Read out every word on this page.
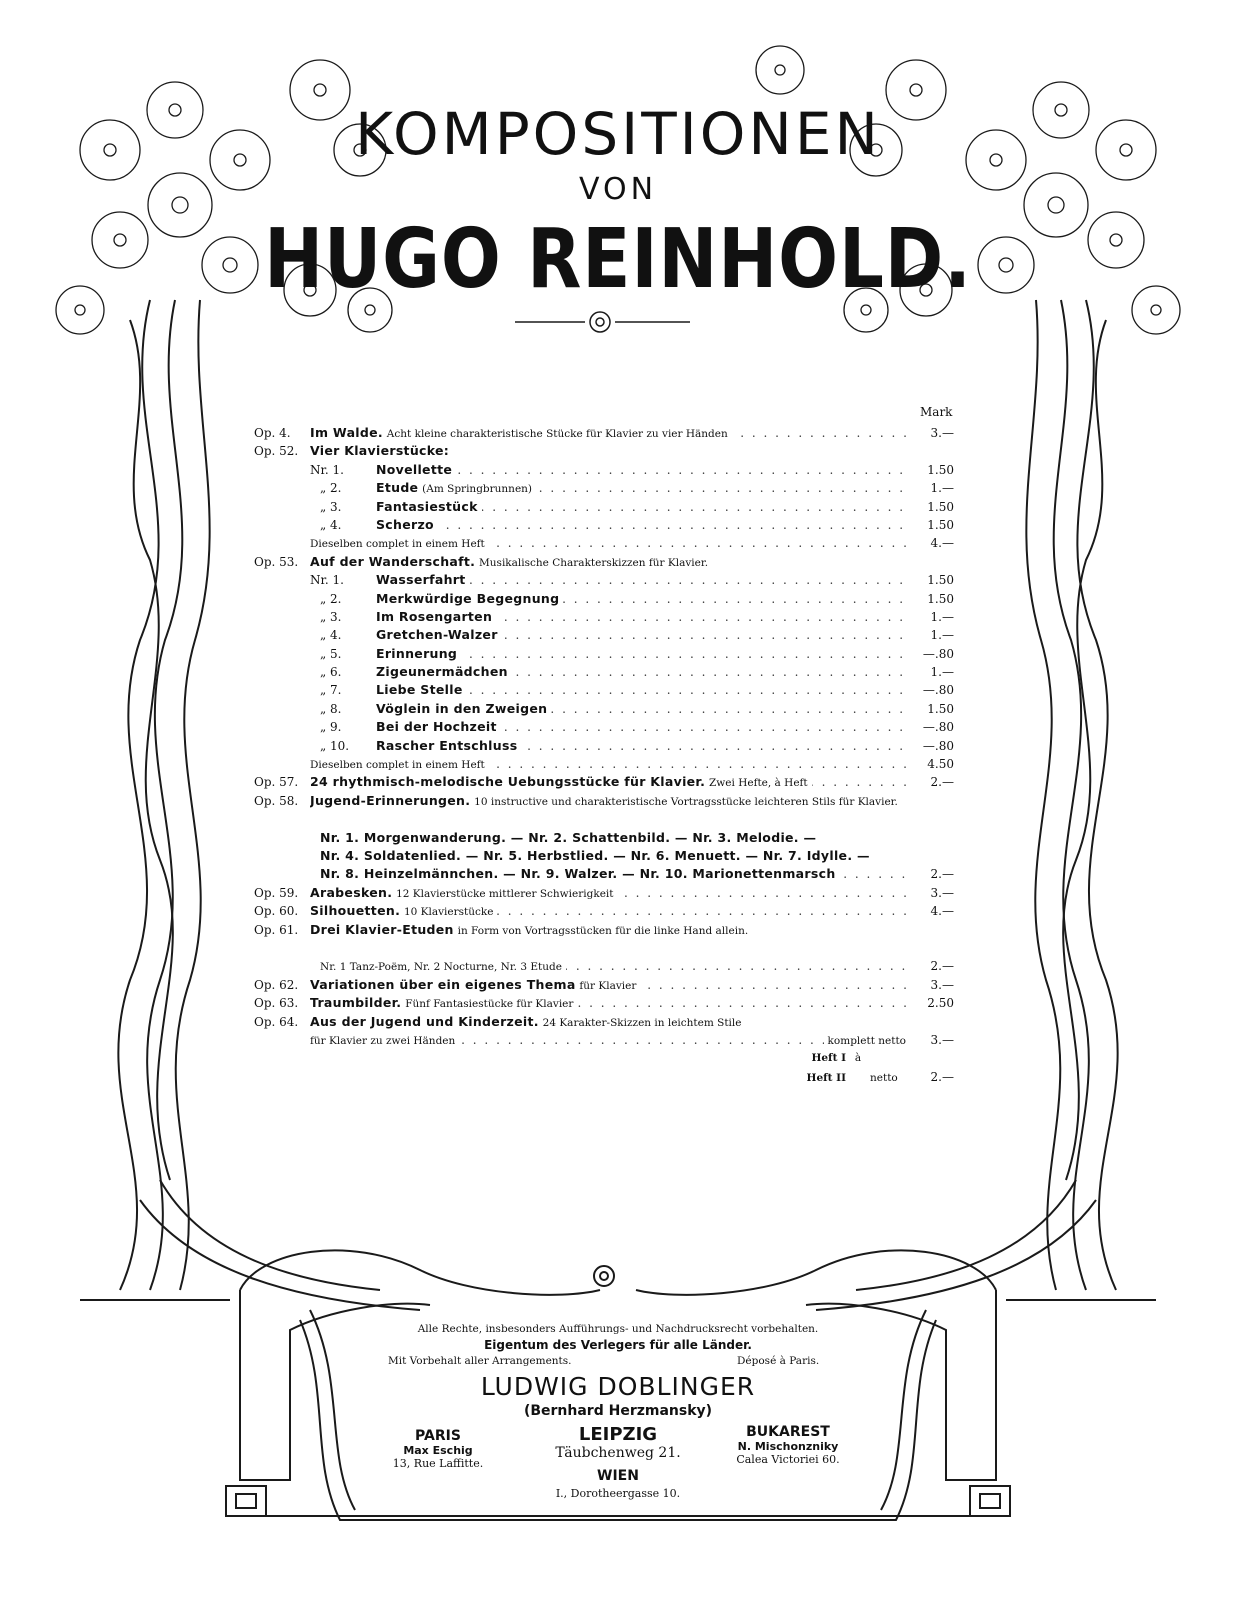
KOMPOSITIONEN
VON
HUGO REINHOLD.
Mark
Op. 4.	Im Walde. Acht kleine charakteristische Stücke für Klavier zu vier Händen . . .	3.—
Op. 52. Vier Klavierstücke:
Nr. 1.	Novellette . . .	1.50
„ 2.	Etude (Am Springbrunnen) . . .	1.—
„ 3.	Fantasiestück . . .	1.50
„ 4.	Scherzo . . .	1.50
Dieselben complet in einem Heft . . .	4.—
Op. 53. Auf der Wanderschaft. Musikalische Charakterskizzen für Klavier.
Nr. 1.	Wasserfahrt . . .	1.50
„ 2.	Merkwürdige Begegnung . . .	1.50
„ 3.	Im Rosengarten . . .	1.—
„ 4.	Gretchen-Walzer . . .	1.—
„ 5.	Erinnerung . . .	—.80
„ 6.	Zigeunermädchen . . .	1.—
„ 7.	Liebe Stelle . . .	—.80
„ 8.	Vöglein in den Zweigen . . .	1.50
„ 9.	Bei der Hochzeit . . .	—.80
„ 10.	Rascher Entschluss . . .	—.80
Dieselben complet in einem Heft . . .	4.50
Op. 57. 24 rhythmisch-melodische Uebungsstücke für Klavier. Zwei Hefte, à Heft . . .	2.—
Op. 58. Jugend-Erinnerungen. 10 instructive und charakteristische Vortragsstücke leichteren Stils für Klavier.
Nr. 1. Morgenwanderung. — Nr. 2. Schattenbild. — Nr. 3. Melodie. —
Nr. 4. Soldatenlied. — Nr. 5. Herbstlied. — Nr. 6. Menuett. — Nr. 7. Idylle. —
Nr. 8. Heinzelmännchen. — Nr. 9. Walzer. — Nr. 10. Marionettenmarsch . . .	2.—
Op. 59. Arabesken. 12 Klavierstücke mittlerer Schwierigkeit . . .	3.—
Op. 60. Silhouetten. 10 Klavierstücke . . .	4.—
Op. 61. Drei Klavier-Etuden in Form von Vortragsstücken für die linke Hand allein.
Nr. 1 Tanz-Poëm, Nr. 2 Nocturne, Nr. 3 Etude . . .	2.—
Op. 62. Variationen über ein eigenes Thema für Klavier . . .	3.—
Op. 63. Traumbilder. Fünf Fantasiestücke für Klavier . . .	2.50
Op. 64. Aus der Jugend und Kinderzeit. 24 Karakter-Skizzen in leichtem Stile
für Klavier zu zwei Händen . . .	komplett netto	3.—
Heft I à
Heft II netto	2.—
Alle Rechte, insbesonders Aufführungs- und Nachdrucksrecht vorbehalten.
Eigentum des Verlegers für alle Länder.
Mit Vorbehalt aller Arrangements.	Déposé à Paris.
LUDWIG DOBLINGER
(Bernhard Herzmansky)
PARIS
Max Eschig
13, Rue Laffitte.
LEIPZIG
Täubchenweg 21.
BUKAREST
N. Mischonzniky
Calea Victoriei 60.
WIEN
I., Dorotheergasse 10.
